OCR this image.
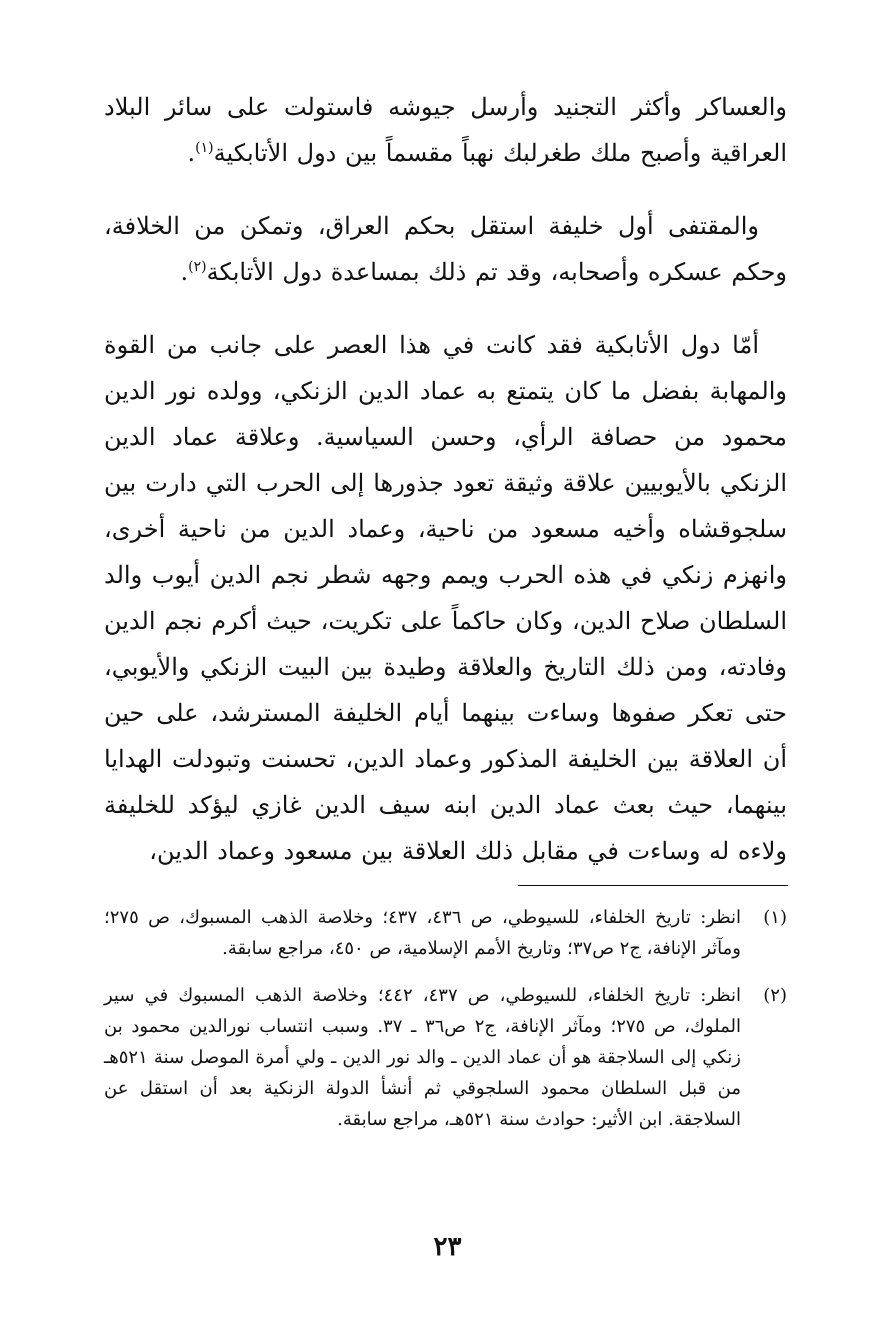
والعساكر وأكثر التجنيد وأرسل جيوشه فاستولت على سائر البلاد العراقية وأصبح ملك طغرلبك نهباً مقسماً بين دول الأتابكية$^{(١)}$.

والمقتفى أول خليفة استقل بحكم العراق، وتمكن من الخلافة، وحكم عسكره وأصحابه، وقد تم ذلك بمساعدة دول الأتابكة$^{(٢)}$.

أمّا دول الأتابكية فقد كانت في هذا العصر على جانب من القوة والمهابة بفضل ما كان يتمتع به عماد الدين الزنكي، وولده نور الدين محمود من حصافة الرأي، وحسن السياسية. وعلاقة عماد الدين الزنكي بالأيوبيين علاقة وثيقة تعود جذورها إلى الحرب التي دارت بين سلجوقشاه وأخيه مسعود من ناحية، وعماد الدين من ناحية أخرى، وانهزم زنكي في هذه الحرب ويمم وجهه شطر نجم الدين أيوب والد السلطان صلاح الدين، وكان حاكماً على تكريت، حيث أكرم نجم الدين وفادته، ومن ذلك التاريخ والعلاقة وطيدة بين البيت الزنكي والأيوبي، حتى تعكر صفوها وساءت بينهما أيام الخليفة المسترشد، على حين أن العلاقة بين الخليفة المذكور وعماد الدين، تحسنت وتبودلت الهدايا بينهما، حيث بعث عماد الدين ابنه سيف الدين غازي ليؤكد للخليفة ولاءه له وساءت في مقابل ذلك العلاقة بين مسعود وعماد الدين،

(١)
انظر: تاريخ الخلفاء، للسيوطي، ص ٤٣٦، ٤٣٧؛ وخلاصة الذهب المسبوك، ص ٢٧٥؛ ومآثر الإنافة، ج٢ ص٣٧؛ وتاريخ الأمم الإسلامية، ص ٤٥٠، مراجع سابقة.

(٢)
انظر: تاريخ الخلفاء، للسيوطي، ص ٤٣٧، ٤٤٢؛ وخلاصة الذهب المسبوك في سير الملوك، ص ٢٧٥؛ ومآثر الإنافة، ج٢ ص٣٦ ـ ٣٧. وسبب انتساب نورالدين محمود بن زنكي إلى السلاجقة هو أن عماد الدين ـ والد نور الدين ـ ولي أمرة الموصل سنة ٥٢١هـ من قبل السلطان محمود السلجوقي ثم أنشأ الدولة الزنكية بعد أن استقل عن السلاجقة. ابن الأثير: حوادث سنة ٥٢١هـ، مراجع سابقة.

٢٣
